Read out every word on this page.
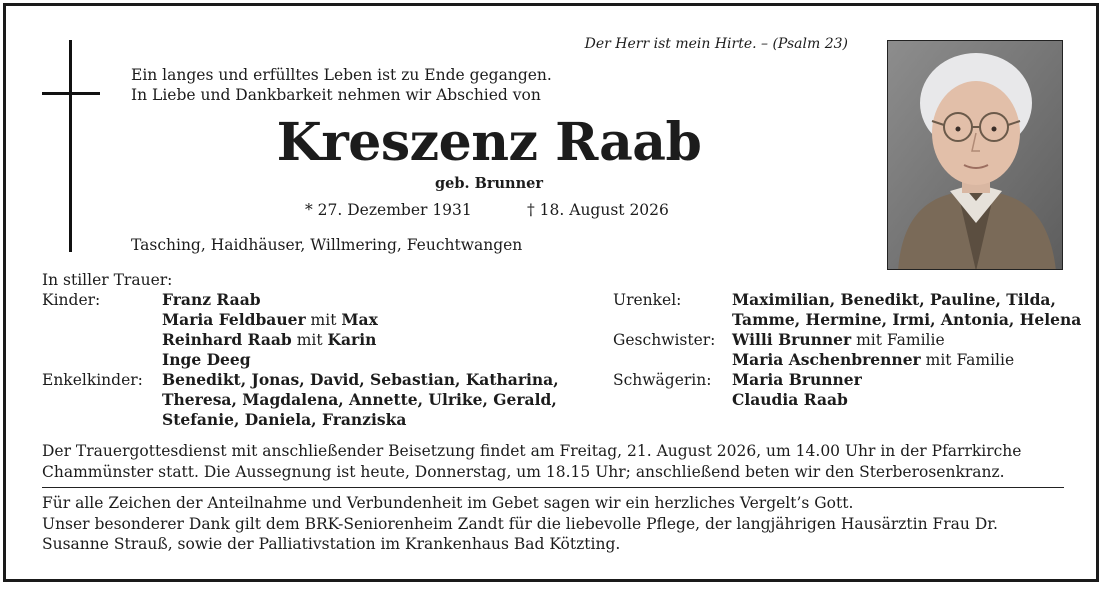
Der Herr ist mein Hirte. – (Psalm 23)
Ein langes und erfülltes Leben ist zu Ende gegangen.
In Liebe und Dankbarkeit nehmen wir Abschied von
Kreszenz Raab
geb. Brunner
* 27. Dezember 1931	† 18. August 2026
Tasching, Haidhäuser, Willmering, Feuchtwangen
In stiller Trauer:
Kinder:	Franz Raab
Maria Feldbauer mit Max
Reinhard Raab mit Karin
Inge Deeg
Enkelkinder: Benedikt, Jonas, David, Sebastian, Katharina,
Theresa, Magdalena, Annette, Ulrike, Gerald,
Stefanie, Daniela, Franziska
Urenkel:	Maximilian, Benedikt, Pauline, Tilda,
Tamme, Hermine, Irmi, Antonia, Helena
Geschwister: Willi Brunner mit Familie
Maria Aschenbrenner mit Familie
Schwägerin: Maria Brunner
Claudia Raab
Der Trauergottesdienst mit anschließender Beisetzung findet am Freitag, 21. August 2026, um 14.00 Uhr in der Pfarrkirche Chammünster statt. Die Aussegnung ist heute, Donnerstag, um 18.15 Uhr; anschließend beten wir den Sterberosenkranz.
Für alle Zeichen der Anteilnahme und Verbundenheit im Gebet sagen wir ein herzliches Vergelt’s Gott.
Unser besonderer Dank gilt dem BRK-Seniorenheim Zandt für die liebevolle Pflege, der langjährigen Hausärztin Frau Dr. Susanne Strauß, sowie der Palliativstation im Krankenhaus Bad Kötzting.
